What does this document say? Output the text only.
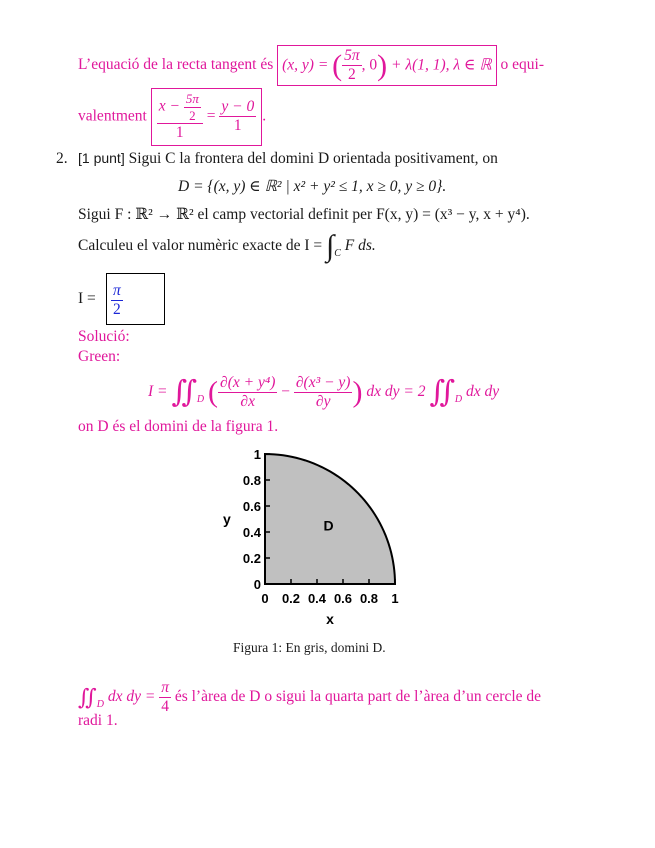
L’equació de la recta tangent és (x, y) = ( $\frac{5\pi}{2}$ , 0) + λ(1, 1), λ ∈ ℝ o equi-
valentment $\frac{x - \frac{5\pi}{2}}{1} = \frac{y - 0}{1}$ .
2. [1 punt] Sigui C la frontera del domini D orientada positivament, on
D = {(x, y) ∈ ℝ² | x² + y² ≤ 1, x ≥ 0, y ≥ 0}.
Sigui F : ℝ² → ℝ² el camp vectorial definit per F(x, y) = (x³ − y, x + y⁴).
Calculeu el valor numèric exacte de $I = \int_C$ F ds.
$I = \frac{\pi}{2}$
Solució:
Green:
$I = ∬_D$ ( $\frac{\text{∂(x + y⁴)}}{\partial x} - \frac{\text{∂(x³ − y)}}{\partial y}$ ) dx dy = 2 $∬_D$ dx dy
on D és el domini de la figura 1.
0
0.2
0.4
0.6
0.8
1
0 0.2 0.4 0.6 0.8 1
D
x
y
Figura 1: En gris, domini D.
$∬_D$ dx dy = $\frac{\pi}{4}$ és l’àrea de D o sigui la quarta part de l’àrea d’un cercle de
radi 1.
